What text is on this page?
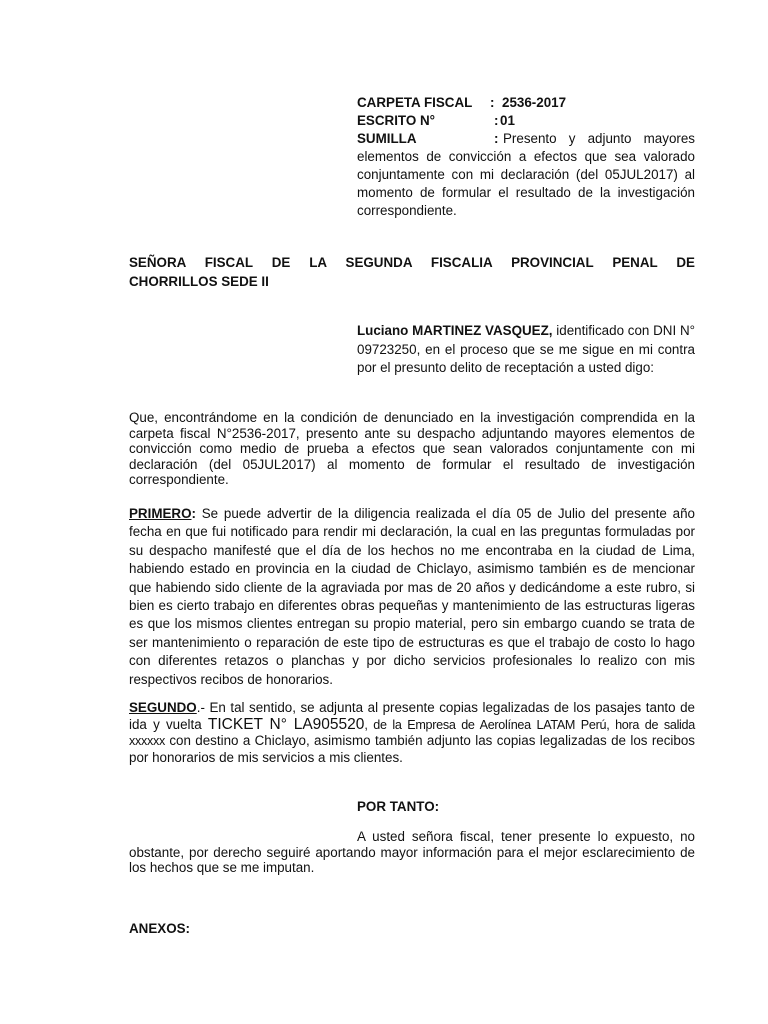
CARPETA FISCAL	: 2536-2017
ESCRITO N°	: 01
SUMILLA	: Presento y adjunto mayores elementos de convicción a efectos que sea valorado conjuntamente con mi declaración (del 05JUL2017) al momento de formular el resultado de la investigación correspondiente.
SEÑORA FISCAL DE LA SEGUNDA FISCALIA PROVINCIAL PENAL DE
CHORRILLOS SEDE II
Luciano MARTINEZ VASQUEZ, identificado con DNI N° 09723250, en el proceso que se me sigue en mi contra por el presunto delito de receptación a usted digo:
Que, encontrándome en la condición de denunciado en la investigación comprendida en la carpeta fiscal N°2536-2017, presento ante su despacho adjuntando mayores elementos de convicción como medio de prueba a efectos que sean valorados conjuntamente con mi declaración (del 05JUL2017) al momento de formular el resultado de investigación correspondiente.
PRIMERO: Se puede advertir de la diligencia realizada el día 05 de Julio del presente año fecha en que fui notificado para rendir mi declaración, la cual en las preguntas formuladas por su despacho manifesté que el día de los hechos no me encontraba en la ciudad de Lima, habiendo estado en provincia en la ciudad de Chiclayo, asimismo también es de mencionar que habiendo sido cliente de la agraviada por mas de 20 años y dedicándome a este rubro, si bien es cierto trabajo en diferentes obras pequeñas y mantenimiento de las estructuras ligeras es que los mismos clientes entregan su propio material, pero sin embargo cuando se trata de ser mantenimiento o reparación de este tipo de estructuras es que el trabajo de costo lo hago con diferentes retazos o planchas y por dicho servicios profesionales lo realizo con mis respectivos recibos de honorarios.
SEGUNDO.- En tal sentido, se adjunta al presente copias legalizadas de los pasajes tanto de ida y vuelta TICKET N° LA905520, de la Empresa de Aerolínea LATAM Perú, hora de salida xxxxxx con destino a Chiclayo, asimismo también adjunto las copias legalizadas de los recibos por honorarios de mis servicios a mis clientes.
POR TANTO:
A usted señora fiscal, tener presente lo expuesto, no obstante, por derecho seguiré aportando mayor información para el mejor esclarecimiento de los hechos que se me imputan.
ANEXOS:
